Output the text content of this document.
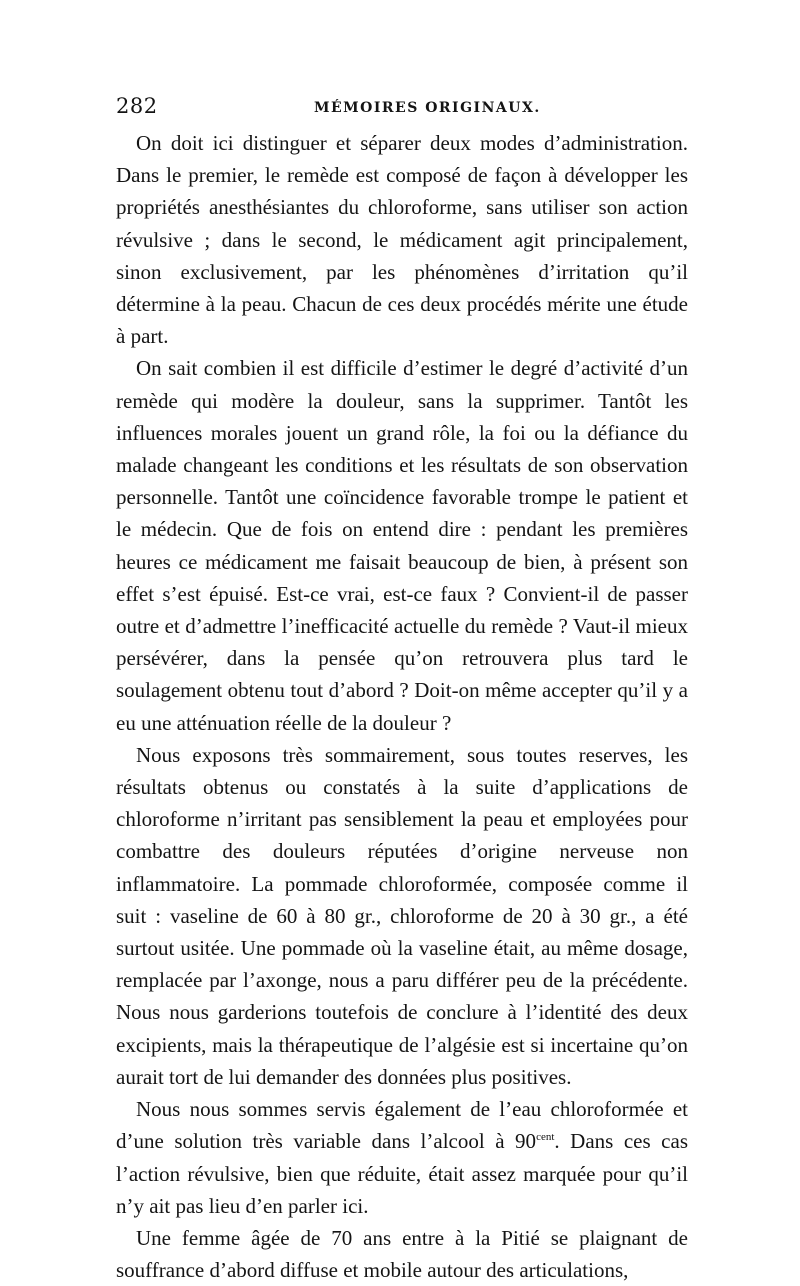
282	MÉMOIRES ORIGINAUX.

On doit ici distinguer et séparer deux modes d’administration. Dans le premier, le remède est composé de façon à développer les propriétés anesthésiantes du chloroforme, sans utiliser son action révulsive ; dans le second, le médicament agit principalement, sinon exclusivement, par les phénomènes d’irritation qu’il détermine à la peau. Chacun de ces deux procédés mérite une étude à part.

On sait combien il est difficile d’estimer le degré d’activité d’un remède qui modère la douleur, sans la supprimer. Tantôt les influences morales jouent un grand rôle, la foi ou la défiance du malade changeant les conditions et les résultats de son observation personnelle. Tantôt une coïncidence favorable trompe le patient et le médecin. Que de fois on entend dire : pendant les premières heures ce médicament me faisait beaucoup de bien, à présent son effet s’est épuisé. Est-ce vrai, est-ce faux ? Convient-il de passer outre et d’admettre l’inefficacité actuelle du remède ? Vaut-il mieux persévérer, dans la pensée qu’on retrouvera plus tard le soulagement obtenu tout d’abord ? Doit-on même accepter qu’il y a eu une atténuation réelle de la douleur ?

Nous exposons très sommairement, sous toutes reserves, les résultats obtenus ou constatés à la suite d’applications de chloroforme n’irritant pas sensiblement la peau et employées pour combattre des douleurs réputées d’origine nerveuse non inflammatoire. La pommade chloroformée, composée comme il suit : vaseline de 60 à 80 gr., chloroforme de 20 à 30 gr., a été surtout usitée. Une pommade où la vaseline était, au même dosage, remplacée par l’axonge, nous a paru différer peu de la précédente. Nous nous garderions toutefois de conclure à l’identité des deux excipients, mais la thérapeutique de l’algésie est si incertaine qu’on aurait tort de lui demander des données plus positives.

Nous nous sommes servis également de l’eau chloroformée et d’une solution très variable dans l’alcool à $90^{cent}$. Dans ces cas l’action révulsive, bien que réduite, était assez marquée pour qu’il n’y ait pas lieu d’en parler ici.

Une femme âgée de 70 ans entre à la Pitié se plaignant de souffrance d’abord diffuse et mobile autour des articulations,
